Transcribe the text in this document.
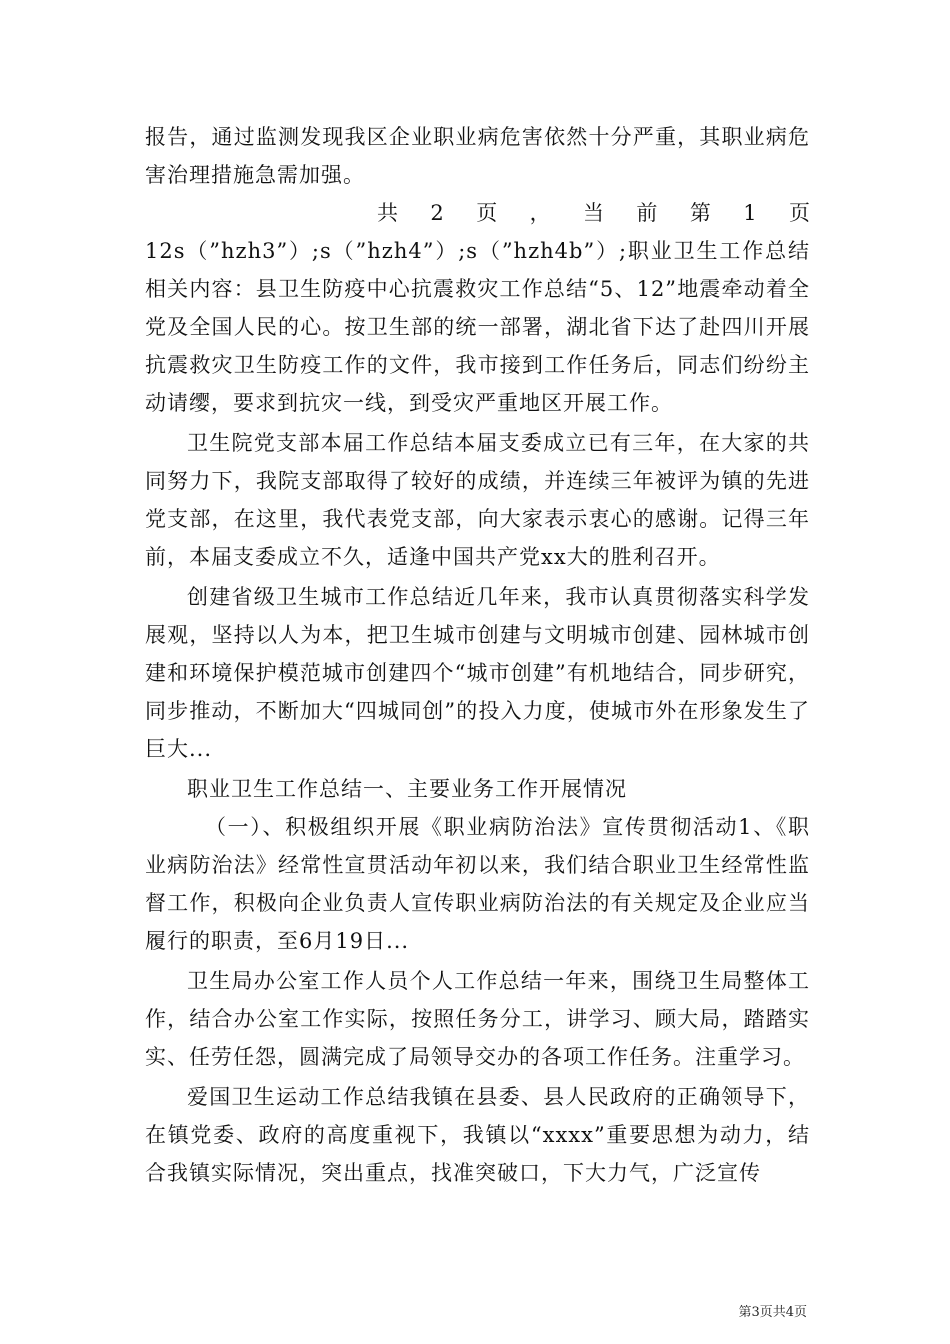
报告，通过监测发现我区企业职业病危害依然十分严重，其职业病危害治理措施急需加强。

共 2 页 ， 当 前 第 1 页

12s（”hzh3”）;s（”hzh4”）;s（”hzh4b”）;职业卫生工作总结相关内容：县卫生防疫中心抗震救灾工作总结“5、12”地震牵动着全党及全国人民的心。按卫生部的统一部署，湖北省下达了赴四川开展抗震救灾卫生防疫工作的文件，我市接到工作任务后，同志们纷纷主动请缨，要求到抗灾一线，到受灾严重地区开展工作。

卫生院党支部本届工作总结本届支委成立已有三年，在大家的共同努力下，我院支部取得了较好的成绩，并连续三年被评为镇的先进党支部，在这里，我代表党支部，向大家表示衷心的感谢。记得三年前，本届支委成立不久，适逢中国共产党xx大的胜利召开。

创建省级卫生城市工作总结近几年来，我市认真贯彻落实科学发展观，坚持以人为本，把卫生城市创建与文明城市创建、园林城市创建和环境保护模范城市创建四个“城市创建”有机地结合，同步研究，同步推动，不断加大“四城同创”的投入力度，使城市外在形象发生了巨大...

职业卫生工作总结一、主要业务工作开展情况

（一）、积极组织开展《职业病防治法》宣传贯彻活动1、《职业病防治法》经常性宣贯活动年初以来，我们结合职业卫生经常性监督工作，积极向企业负责人宣传职业病防治法的有关规定及企业应当履行的职责，至6月19日...

卫生局办公室工作人员个人工作总结一年来，围绕卫生局整体工作，结合办公室工作实际，按照任务分工，讲学习、顾大局，踏踏实实、任劳任怨，圆满完成了局领导交办的各项工作任务。注重学习。

爱国卫生运动工作总结我镇在县委、县人民政府的正确领导下，在镇党委、政府的高度重视下，我镇以“xxxx”重要思想为动力，结合我镇实际情况，突出重点，找准突破口，下大力气，广泛宣传

第3页共4页
